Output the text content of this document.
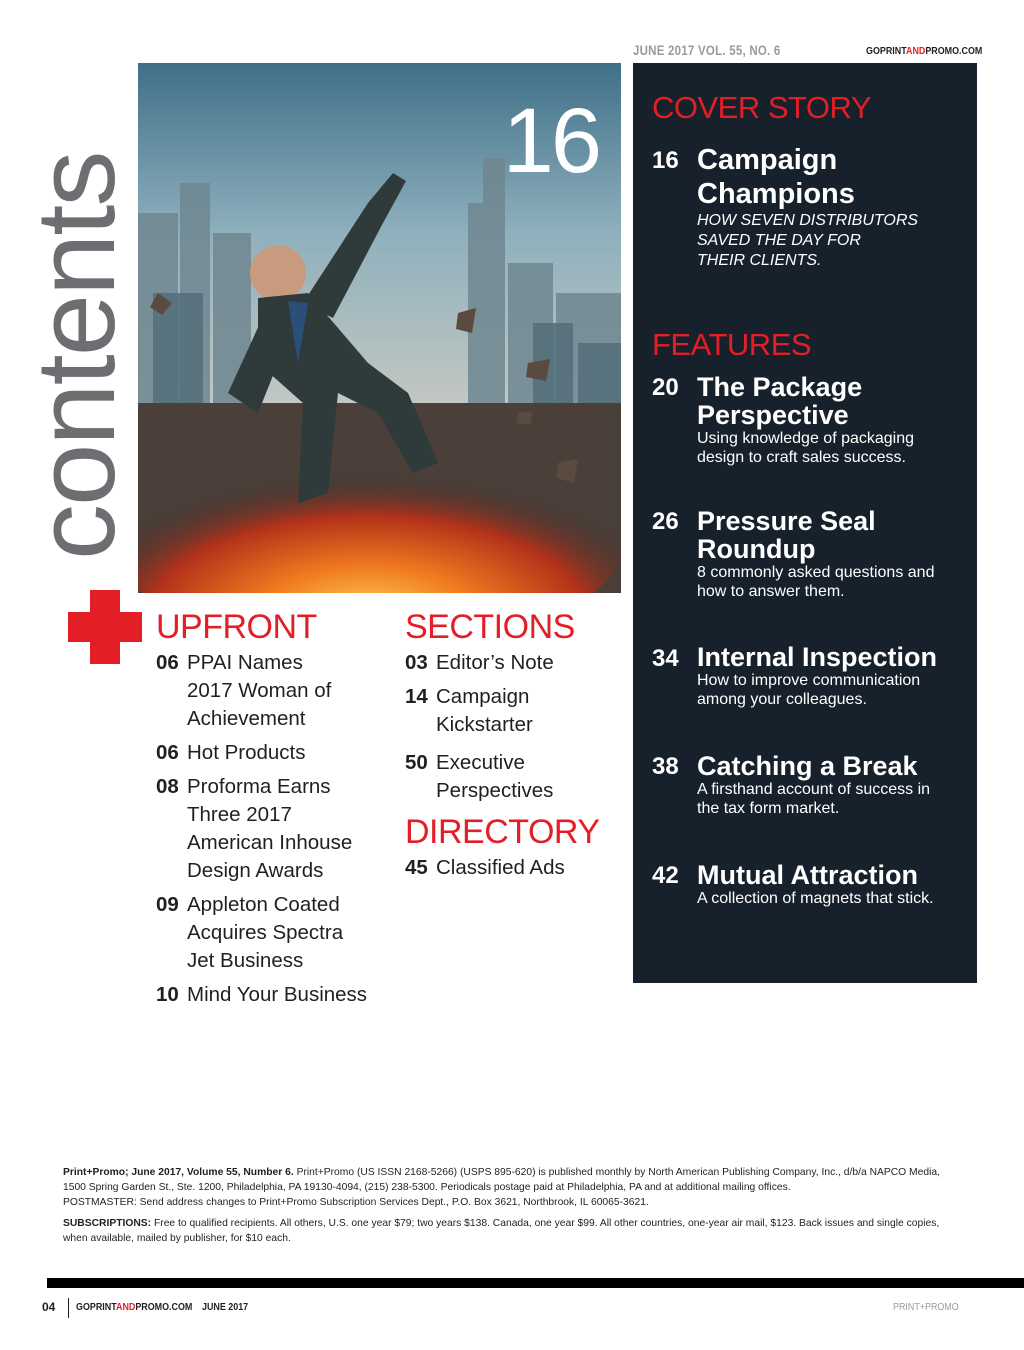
JUNE 2017 VOL. 55, NO. 6	GOPRINTANDPROMO.COM
contents
16 COVER STORY
16 Campaign
Champions
HOW SEVEN DISTRIBUTORS
SAVED THE DAY FOR
THEIR CLIENTS.
FEATURES
20 The Package
Perspective
Using knowledge of packaging
design to craft sales success.
26 Pressure Seal
Roundup
8 commonly asked questions and
how to answer them.
34 Internal Inspection
How to improve communication
among your colleagues.
38 Catching a Break
A firsthand account of success in
the tax form market.
42 Mutual Attraction
A collection of magnets that stick.
UPFRONT
06 PPAI Names
2017 Woman of
Achievement
06 Hot Products
08 Proforma Earns
Three 2017
American Inhouse
Design Awards
09 Appleton Coated
Acquires Spectra
Jet Business
10 Mind Your Business
SECTIONS
03 Editor’s Note
14 Campaign
Kickstarter
50 Executive
Perspectives
DIRECTORY
45 Classified Ads
Print+Promo; June 2017, Volume 55, Number 6. Print+Promo (US ISSN 2168-5266) (USPS 895-620) is published monthly by North American Publishing Company, Inc., d/b/a NAPCO Media, 1500 Spring Garden St., Ste. 1200, Philadelphia, PA 19130-4094, (215) 238-5300. Periodicals postage paid at Philadelphia, PA and at additional mailing offices.
POSTMASTER: Send address changes to Print+Promo Subscription Services Dept., P.O. Box 3621, Northbrook, IL 60065-3621.
SUBSCRIPTIONS: Free to qualified recipients. All others, U.S. one year $79; two years $138. Canada, one year $99. All other countries, one-year air mail, $123. Back issues and single copies, when available, mailed by publisher, for $10 each.
04 GOPRINTANDPROMO.COM JUNE 2017	PRINT+PROMO
